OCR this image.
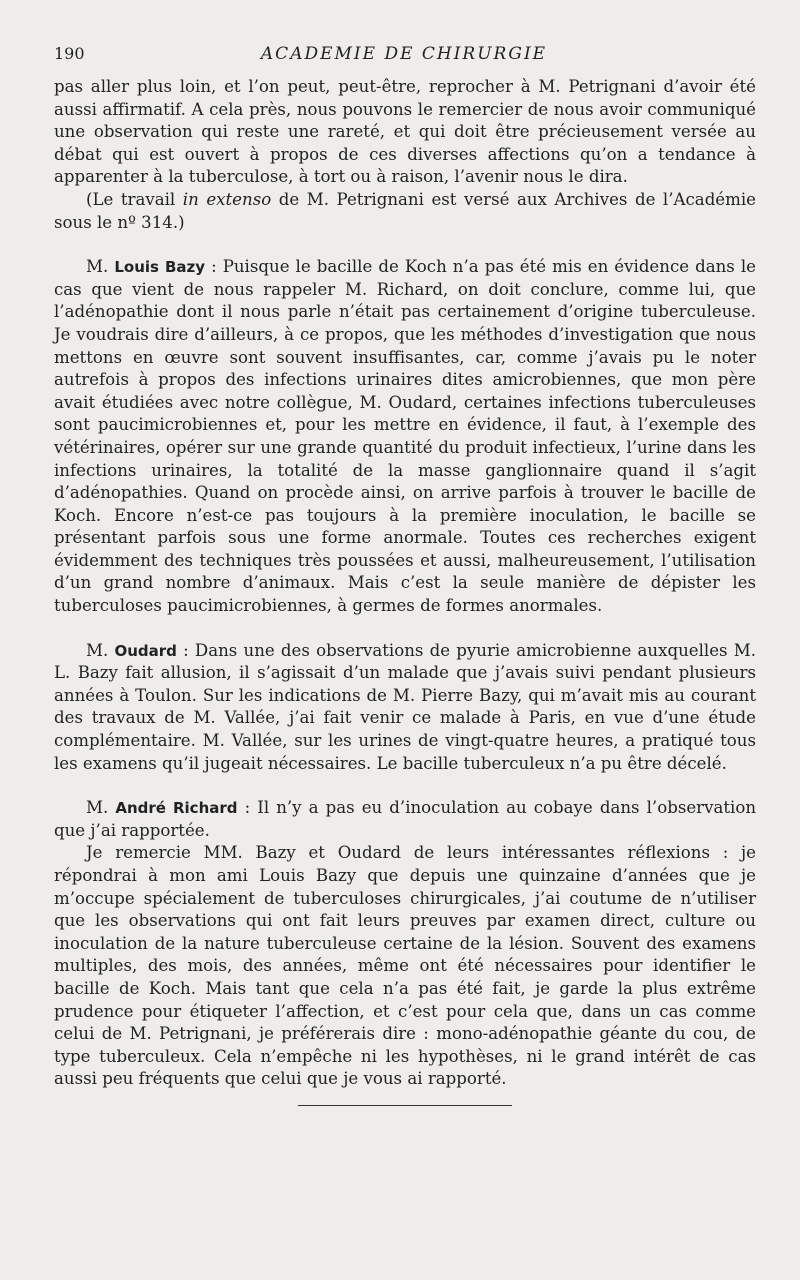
190	ACADEMIE DE CHIRURGIE

pas aller plus loin, et l’on peut, peut-être, reprocher à M. Petrignani d’avoir été aussi affirmatif. A cela près, nous pouvons le remercier de nous avoir communiqué une observation qui reste une rareté, et qui doit être précieusement versée au débat qui est ouvert à propos de ces diverses affections qu’on a tendance à apparenter à la tuberculose, à tort ou à raison, l’avenir nous le dira.

(Le travail in extenso de M. Petrignani est versé aux Archives de l’Académie sous le nº 314.)

M. Louis Bazy : Puisque le bacille de Koch n’a pas été mis en évidence dans le cas que vient de nous rappeler M. Richard, on doit conclure, comme lui, que l’adénopathie dont il nous parle n’était pas certainement d’origine tuberculeuse. Je voudrais dire d’ailleurs, à ce propos, que les méthodes d’investigation que nous mettons en œuvre sont souvent insuffisantes, car, comme j’avais pu le noter autrefois à propos des infections urinaires dites amicrobiennes, que mon père avait étudiées avec notre collègue, M. Oudard, certaines infections tuberculeuses sont paucimicrobiennes et, pour les mettre en évidence, il faut, à l’exemple des vétérinaires, opérer sur une grande quantité du produit infectieux, l’urine dans les infections urinaires, la totalité de la masse ganglionnaire quand il s’agit d’adénopathies. Quand on procède ainsi, on arrive parfois à trouver le bacille de Koch. Encore n’est-ce pas toujours à la première inoculation, le bacille se présentant parfois sous une forme anormale. Toutes ces recherches exigent évidemment des techniques très poussées et aussi, malheureusement, l’utilisation d’un grand nombre d’animaux. Mais c’est la seule manière de dépister les tuberculoses paucimicrobiennes, à germes de formes anormales.

M. Oudard : Dans une des observations de pyurie amicrobienne auxquelles M. L. Bazy fait allusion, il s’agissait d’un malade que j’avais suivi pendant plusieurs années à Toulon. Sur les indications de M. Pierre Bazy, qui m’avait mis au courant des travaux de M. Vallée, j’ai fait venir ce malade à Paris, en vue d’une étude complémentaire. M. Vallée, sur les urines de vingt-quatre heures, a pratiqué tous les examens qu’il jugeait nécessaires. Le bacille tuberculeux n’a pu être décelé.

M. André Richard : Il n’y a pas eu d’inoculation au cobaye dans l’observation que j’ai rapportée.

Je remercie MM. Bazy et Oudard de leurs intéressantes réflexions : je répondrai à mon ami Louis Bazy que depuis une quinzaine d’années que je m’occupe spécialement de tuberculoses chirurgicales, j’ai coutume de n’utiliser que les observations qui ont fait leurs preuves par examen direct, culture ou inoculation de la nature tuberculeuse certaine de la lésion. Souvent des examens multiples, des mois, des années, même ont été nécessaires pour identifier le bacille de Koch. Mais tant que cela n’a pas été fait, je garde la plus extrême prudence pour étiqueter l’affection, et c’est pour cela que, dans un cas comme celui de M. Petrignani, je préférerais dire : mono-adénopathie géante du cou, de type tuberculeux. Cela n’empêche ni les hypothèses, ni le grand intérêt de cas aussi peu fréquents que celui que je vous ai rapporté.
